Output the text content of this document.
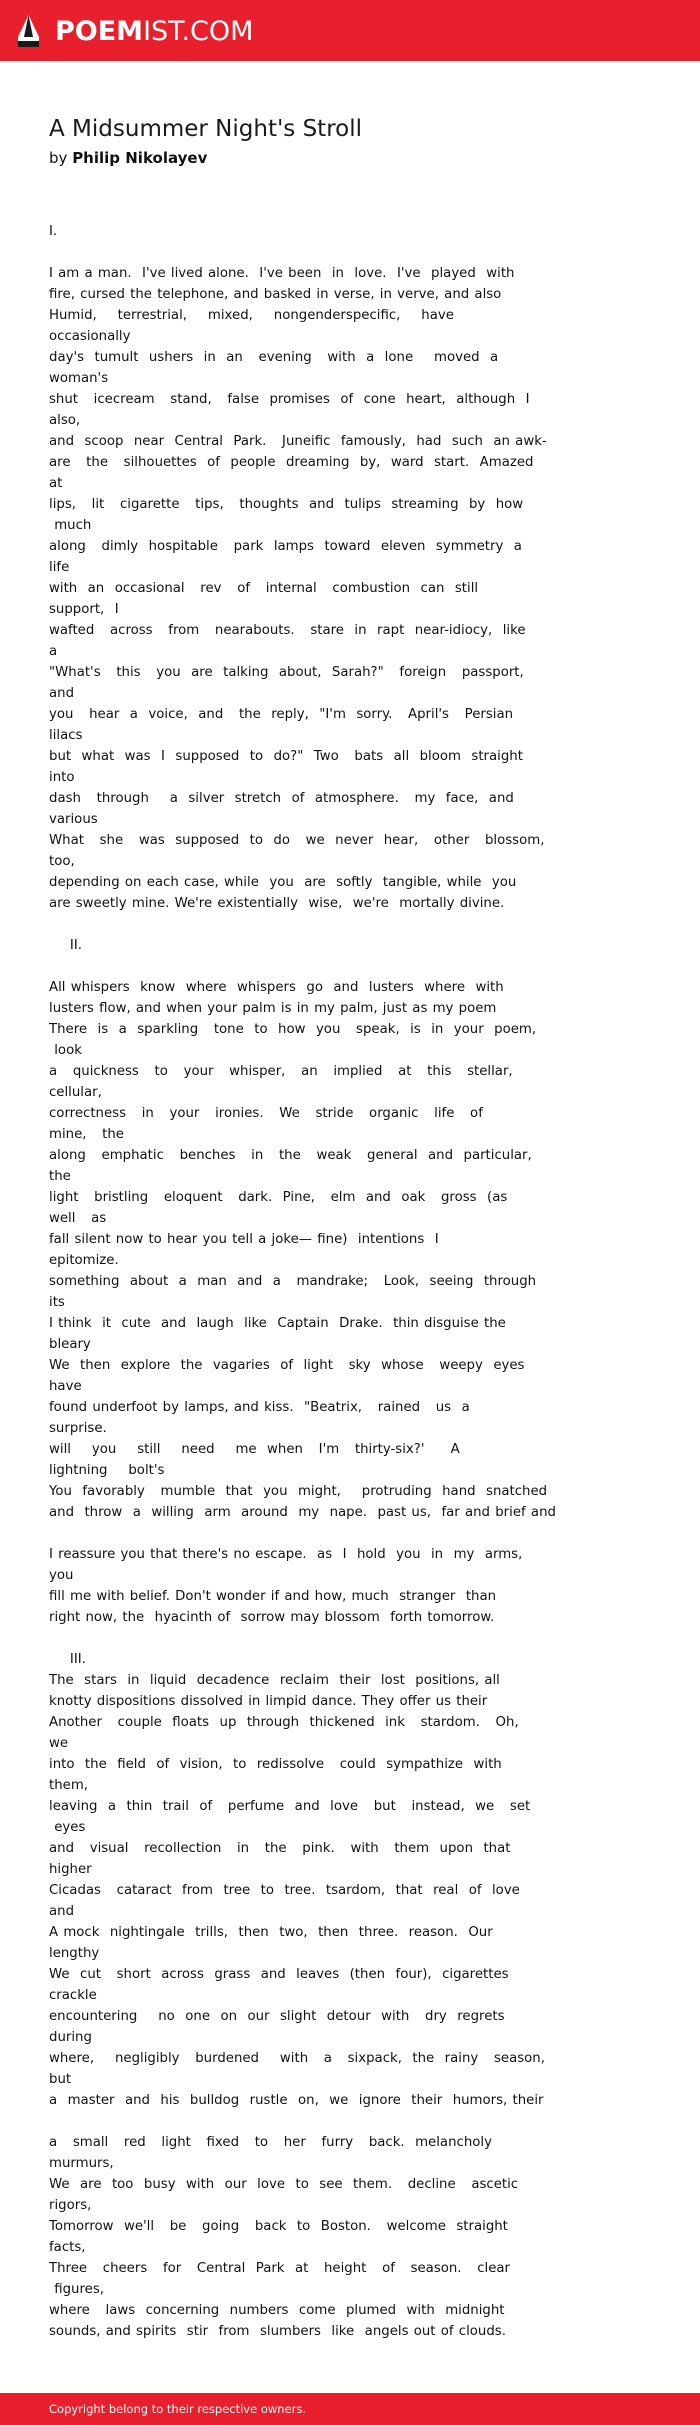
POEMIST.COM
A Midsummer Night's Stroll
by Philip Nikolayev
I.
I am a man.  I've lived alone.  I've been  in  love.  I've  played  with
fire, cursed the telephone, and basked in verse, in verve, and also
Humid,    terrestrial,    mixed,    nongenderspecific,    have
occasionally
day's  tumult  ushers  in  an   evening   with  a  lone    moved  a
woman's
shut   icecream   stand,   false  promises  of  cone  heart,  although  I
also,
and  scoop  near  Central  Park.   Juneific  famously,  had  such  an awk-
are   the   silhouettes  of  people  dreaming  by,  ward  start.  Amazed
at
lips,   lit   cigarette   tips,   thoughts  and  tulips  streaming  by  how
much
along   dimly  hospitable   park  lamps  toward  eleven  symmetry  a
life
with  an  occasional   rev   of   internal   combustion  can  still
support,  I
wafted   across   from   nearabouts.   stare  in  rapt  near-idiocy,  like
a
"What's   this   you  are  talking  about,  Sarah?"   foreign   passport,
and
you   hear  a  voice,  and   the  reply,  "I'm  sorry.   April's   Persian
lilacs
but  what  was  I  supposed  to  do?"  Two   bats  all  bloom  straight
into
dash   through    a  silver  stretch  of  atmosphere.   my  face,  and
various
What   she   was  supposed  to  do   we  never  hear,   other   blossom,
too,
depending on each case, while  you  are  softly  tangible, while  you
are sweetly mine. We're existentially  wise,  we're  mortally divine.
II.
All whispers  know  where  whispers  go  and  lusters  where  with
lusters flow, and when your palm is in my palm, just as my poem
There  is  a  sparkling   tone  to  how  you   speak,  is  in  your  poem,
look
a   quickness   to   your   whisper,   an   implied   at   this   stellar,
cellular,
correctness   in   your   ironies.   We   stride   organic   life   of
mine,   the
along   emphatic   benches   in   the   weak   general  and  particular,
the
light   bristling   eloquent   dark.  Pine,   elm  and  oak   gross  (as
well   as
fall silent now to hear you tell a joke— fine)  intentions  I
epitomize.
something  about  a  man  and  a   mandrake;   Look,  seeing  through  its
I think  it  cute  and  laugh  like  Captain  Drake.  thin disguise the
bleary
We  then  explore  the  vagaries  of  light   sky  whose   weepy  eyes
have
found underfoot by lamps, and kiss.  "Beatrix,   rained   us  a
surprise.
will    you    still    need    me  when   I'm   thirty-six?'     A
lightning    bolt's
You  favorably   mumble  that  you  might,    protruding  hand  snatched
and  throw  a  willing  arm  around  my  nape.  past us,  far and brief and
I reassure you that there's no escape.  as  I  hold  you  in  my  arms,
you
fill me with belief. Don't wonder if and how, much  stranger  than
right now, the  hyacinth of  sorrow may blossom  forth tomorrow.
III.
The  stars  in  liquid  decadence  reclaim  their  lost  positions, all
knotty dispositions dissolved in limpid dance. They offer us their
Another   couple  floats  up  through  thickened  ink   stardom.   Oh,
we
into  the  field  of  vision,  to  redissolve   could  sympathize  with
them,
leaving  a  thin  trail  of   perfume  and  love   but   instead,  we   set
eyes
and   visual   recollection   in   the   pink.   with   them  upon  that
higher
Cicadas   cataract  from  tree  to  tree.  tsardom,  that  real  of  love
and
A mock  nightingale  trills,  then  two,  then  three.  reason.  Our
lengthy
We  cut   short  across  grass  and  leaves  (then  four),  cigarettes
crackle
encountering    no  one  on  our  slight  detour  with   dry  regrets
during
where,    negligibly   burdened    with   a   sixpack,  the  rainy   season,
but
a  master  and  his  bulldog  rustle  on,  we  ignore  their  humors, their
a   small   red   light   fixed   to   her   furry   back.  melancholy
murmurs,
We  are  too  busy  with  our  love  to  see  them.   decline   ascetic
rigors,
Tomorrow  we'll   be   going   back  to  Boston.   welcome  straight
facts,
Three   cheers   for   Central  Park  at   height   of   season.   clear
figures,
where   laws  concerning  numbers  come  plumed  with  midnight
sounds, and spirits  stir  from  slumbers  like  angels out of clouds.
Copyright belong to their respective owners.
